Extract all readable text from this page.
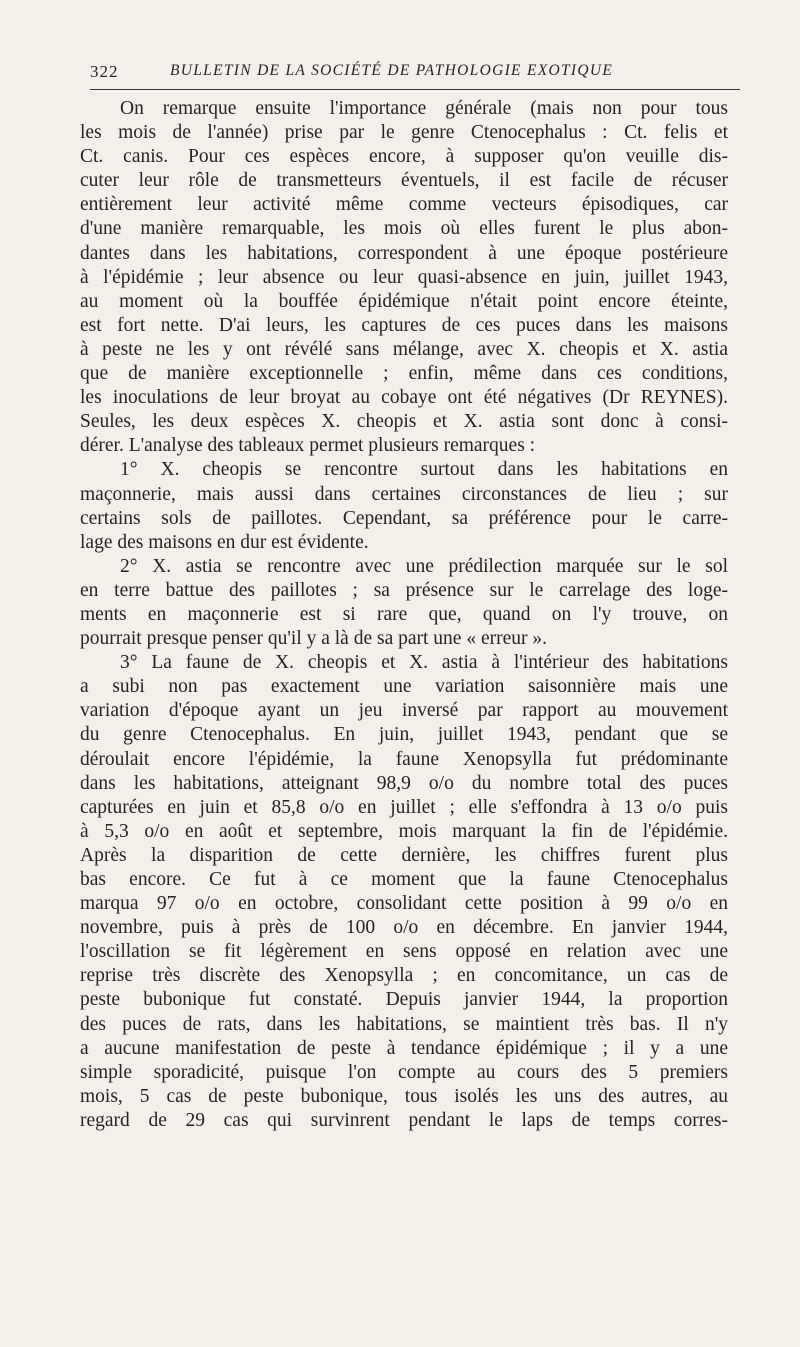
322	BULLETIN DE LA SOCIÉTÉ DE PATHOLOGIE EXOTIQUE
On remarque ensuite l'importance générale (mais non pour tous
les mois de l'année) prise par le genre Ctenocephalus : Ct. felis et
Ct. canis. Pour ces espèces encore, à supposer qu'on veuille dis-
cuter leur rôle de transmetteurs éventuels, il est facile de récuser
entièrement leur activité même comme vecteurs épisodiques, car
d'une manière remarquable, les mois où elles furent le plus abon-
dantes dans les habitations, correspondent à une époque postérieure
à l'épidémie ; leur absence ou leur quasi-absence en juin, juillet 1943,
au moment où la bouffée épidémique n'était point encore éteinte,
est fort nette. D'ai leurs, les captures de ces puces dans les maisons
à peste ne les y ont révélé sans mélange, avec X. cheopis et X. astia
que de manière exceptionnelle ; enfin, même dans ces conditions,
les inoculations de leur broyat au cobaye ont été négatives (Dr REYNES).
Seules, les deux espèces X. cheopis et X. astia sont donc à consi-
dérer. L'analyse des tableaux permet plusieurs remarques :
1° X. cheopis se rencontre surtout dans les habitations en
maçonnerie, mais aussi dans certaines circonstances de lieu ; sur
certains sols de paillotes. Cependant, sa préférence pour le carre-
lage des maisons en dur est évidente.
2° X. astia se rencontre avec une prédilection marquée sur le sol
en terre battue des paillotes ; sa présence sur le carrelage des loge-
ments en maçonnerie est si rare que, quand on l'y trouve, on
pourrait presque penser qu'il y a là de sa part une « erreur ».
3° La faune de X. cheopis et X. astia à l'intérieur des habitations
a subi non pas exactement une variation saisonnière mais une
variation d'époque ayant un jeu inversé par rapport au mouvement
du genre Ctenocephalus. En juin, juillet 1943, pendant que se
déroulait encore l'épidémie, la faune Xenopsylla fut prédominante
dans les habitations, atteignant 98,9 o/o du nombre total des puces
capturées en juin et 85,8 o/o en juillet ; elle s'effondra à 13 o/o puis
à 5,3 o/o en août et septembre, mois marquant la fin de l'épidémie.
Après la disparition de cette dernière, les chiffres furent plus
bas encore. Ce fut à ce moment que la faune Ctenocephalus
marqua 97 o/o en octobre, consolidant cette position à 99 o/o en
novembre, puis à près de 100 o/o en décembre. En janvier 1944,
l'oscillation se fit légèrement en sens opposé en relation avec une
reprise très discrète des Xenopsylla ; en concomitance, un cas de
peste bubonique fut constaté. Depuis janvier 1944, la proportion
des puces de rats, dans les habitations, se maintient très bas. Il n'y
a aucune manifestation de peste à tendance épidémique ; il y a une
simple sporadicité, puisque l'on compte au cours des 5 premiers
mois, 5 cas de peste bubonique, tous isolés les uns des autres, au
regard de 29 cas qui survinrent pendant le laps de temps corres-
